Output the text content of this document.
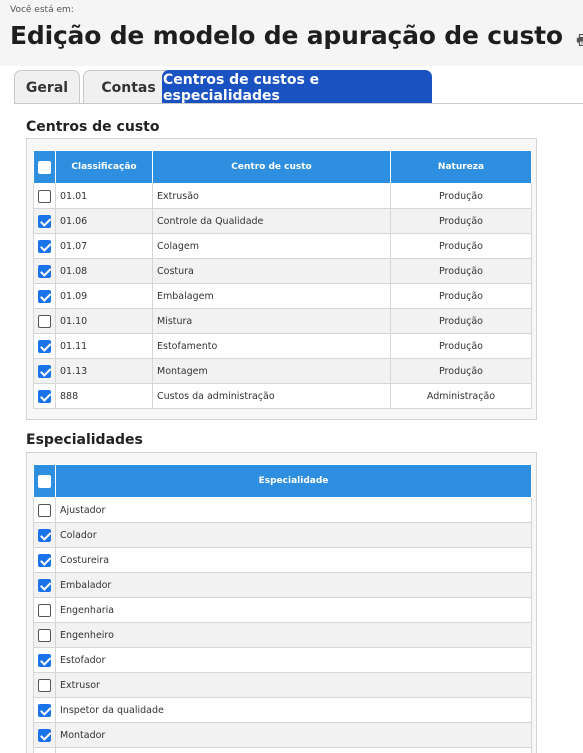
Você está em:
Edição de modelo de apuração de custo
Geral	Contas Centros de custos e especialidades
Centros de custo
	Classificação	Centro de custo	Natureza
	01.01	Extrusão	Produção
	01.06	Controle da Qualidade	Produção
	01.07	Colagem	Produção
	01.08	Costura	Produção
	01.09	Embalagem	Produção
	01.10	Mistura	Produção
	01.11	Estofamento	Produção
	01.13	Montagem	Produção
	888	Custos da administração	Administração
Especialidades
	Especialidade
	Ajustador
	Colador
	Costureira
	Embalador
	Engenharia
	Engenheiro
	Estofador
	Extrusor
	Inspetor da qualidade
	Montador
